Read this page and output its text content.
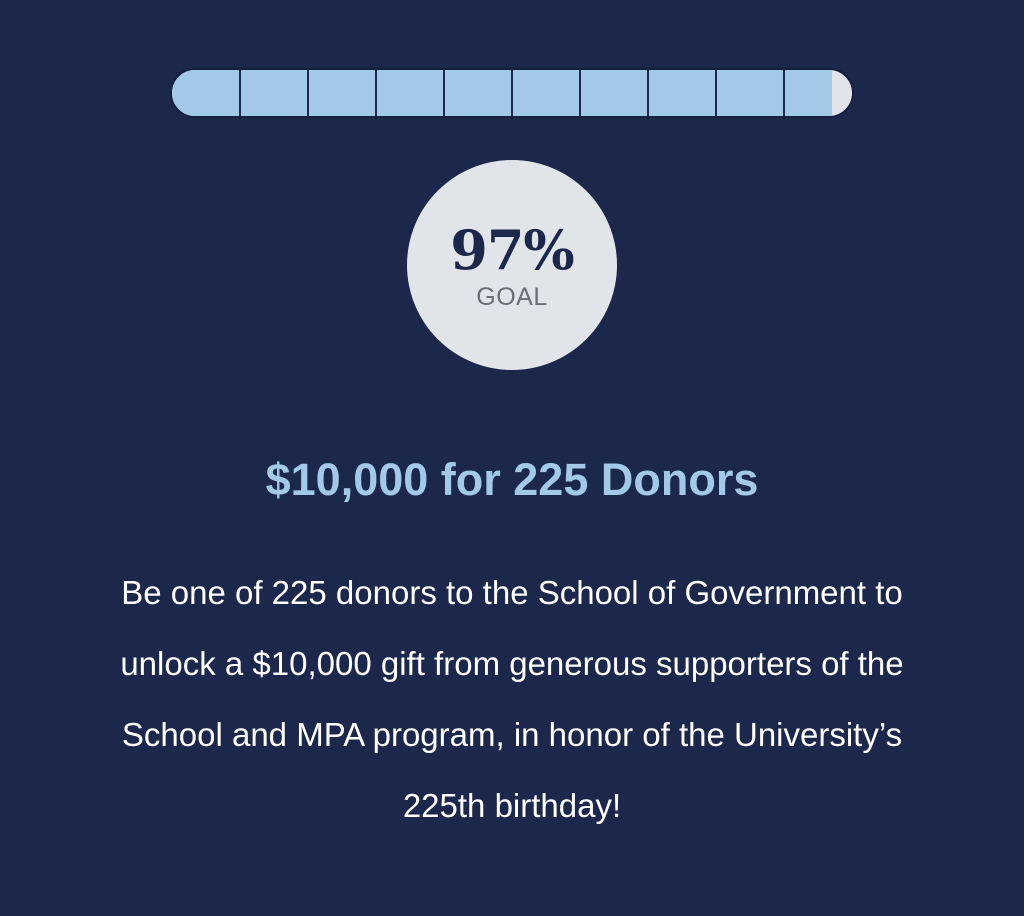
97%
GOAL
$10,000 for 225 Donors
Be one of 225 donors to the School of Government to unlock a $10,000 gift from generous supporters of the School and MPA program, in honor of the University’s 225th birthday!
